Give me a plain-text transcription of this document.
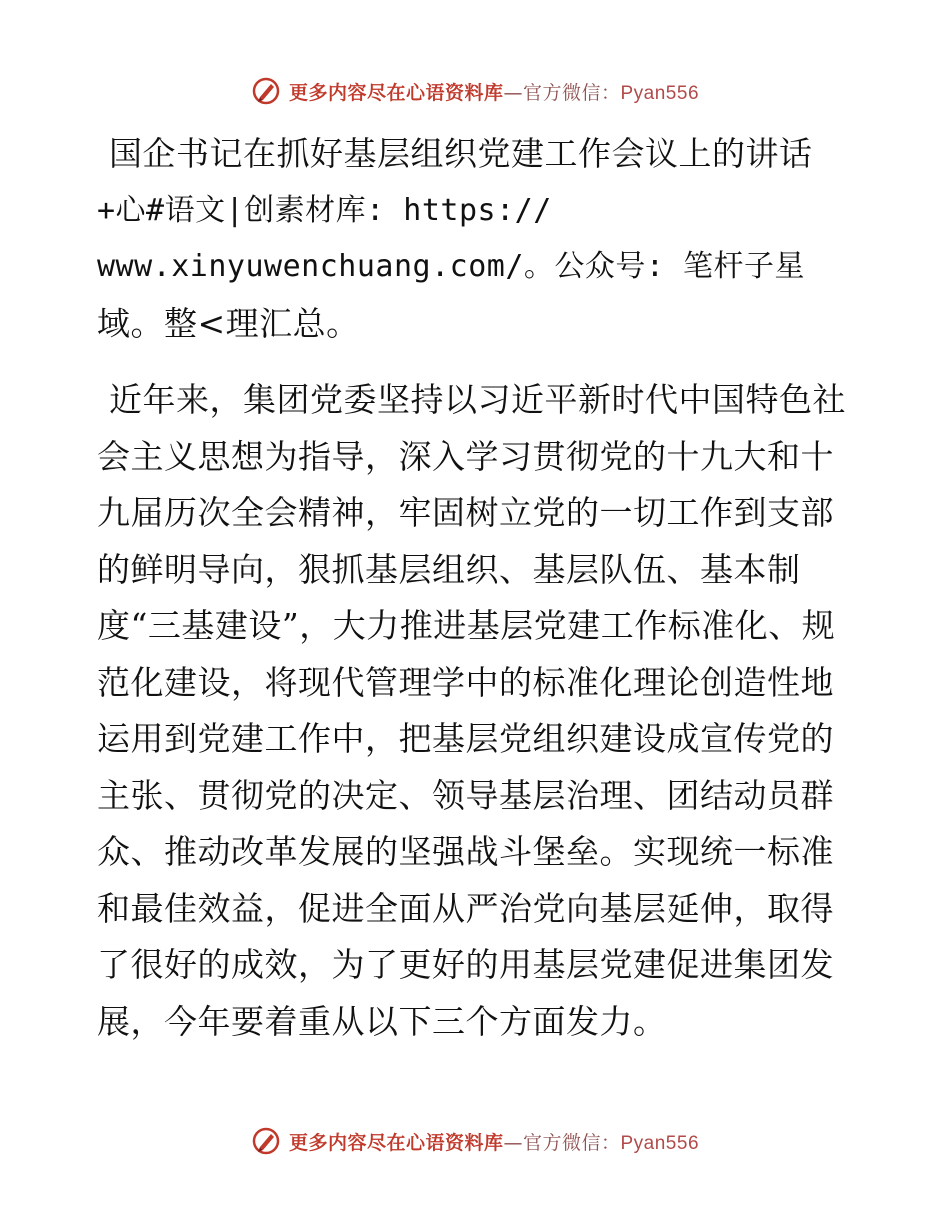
更多内容尽在心语资料库—官方微信：Pyan556

国企书记在抓好基层组织党建工作会议上的讲话

+心#语文|创素材库: https://

www.xinyuwenchuang.com/。公众号: 笔杆子星

域。整<理汇总。

近年来，集团党委坚持以习近平新时代中国特色社会主义思想为指导，深入学习贯彻党的十九大和十九届历次全会精神，牢固树立党的一切工作到支部的鲜明导向，狠抓基层组织、基层队伍、基本制度“三基建设”，大力推进基层党建工作标准化、规范化建设，将现代管理学中的标准化理论创造性地运用到党建工作中，把基层党组织建设成宣传党的主张、贯彻党的决定、领导基层治理、团结动员群众、推动改革发展的坚强战斗堡垒。实现统一标准和最佳效益，促进全面从严治党向基层延伸，取得了很好的成效，为了更好的用基层党建促进集团发展，今年要着重从以下三个方面发力。

更多内容尽在心语资料库—官方微信：Pyan556
